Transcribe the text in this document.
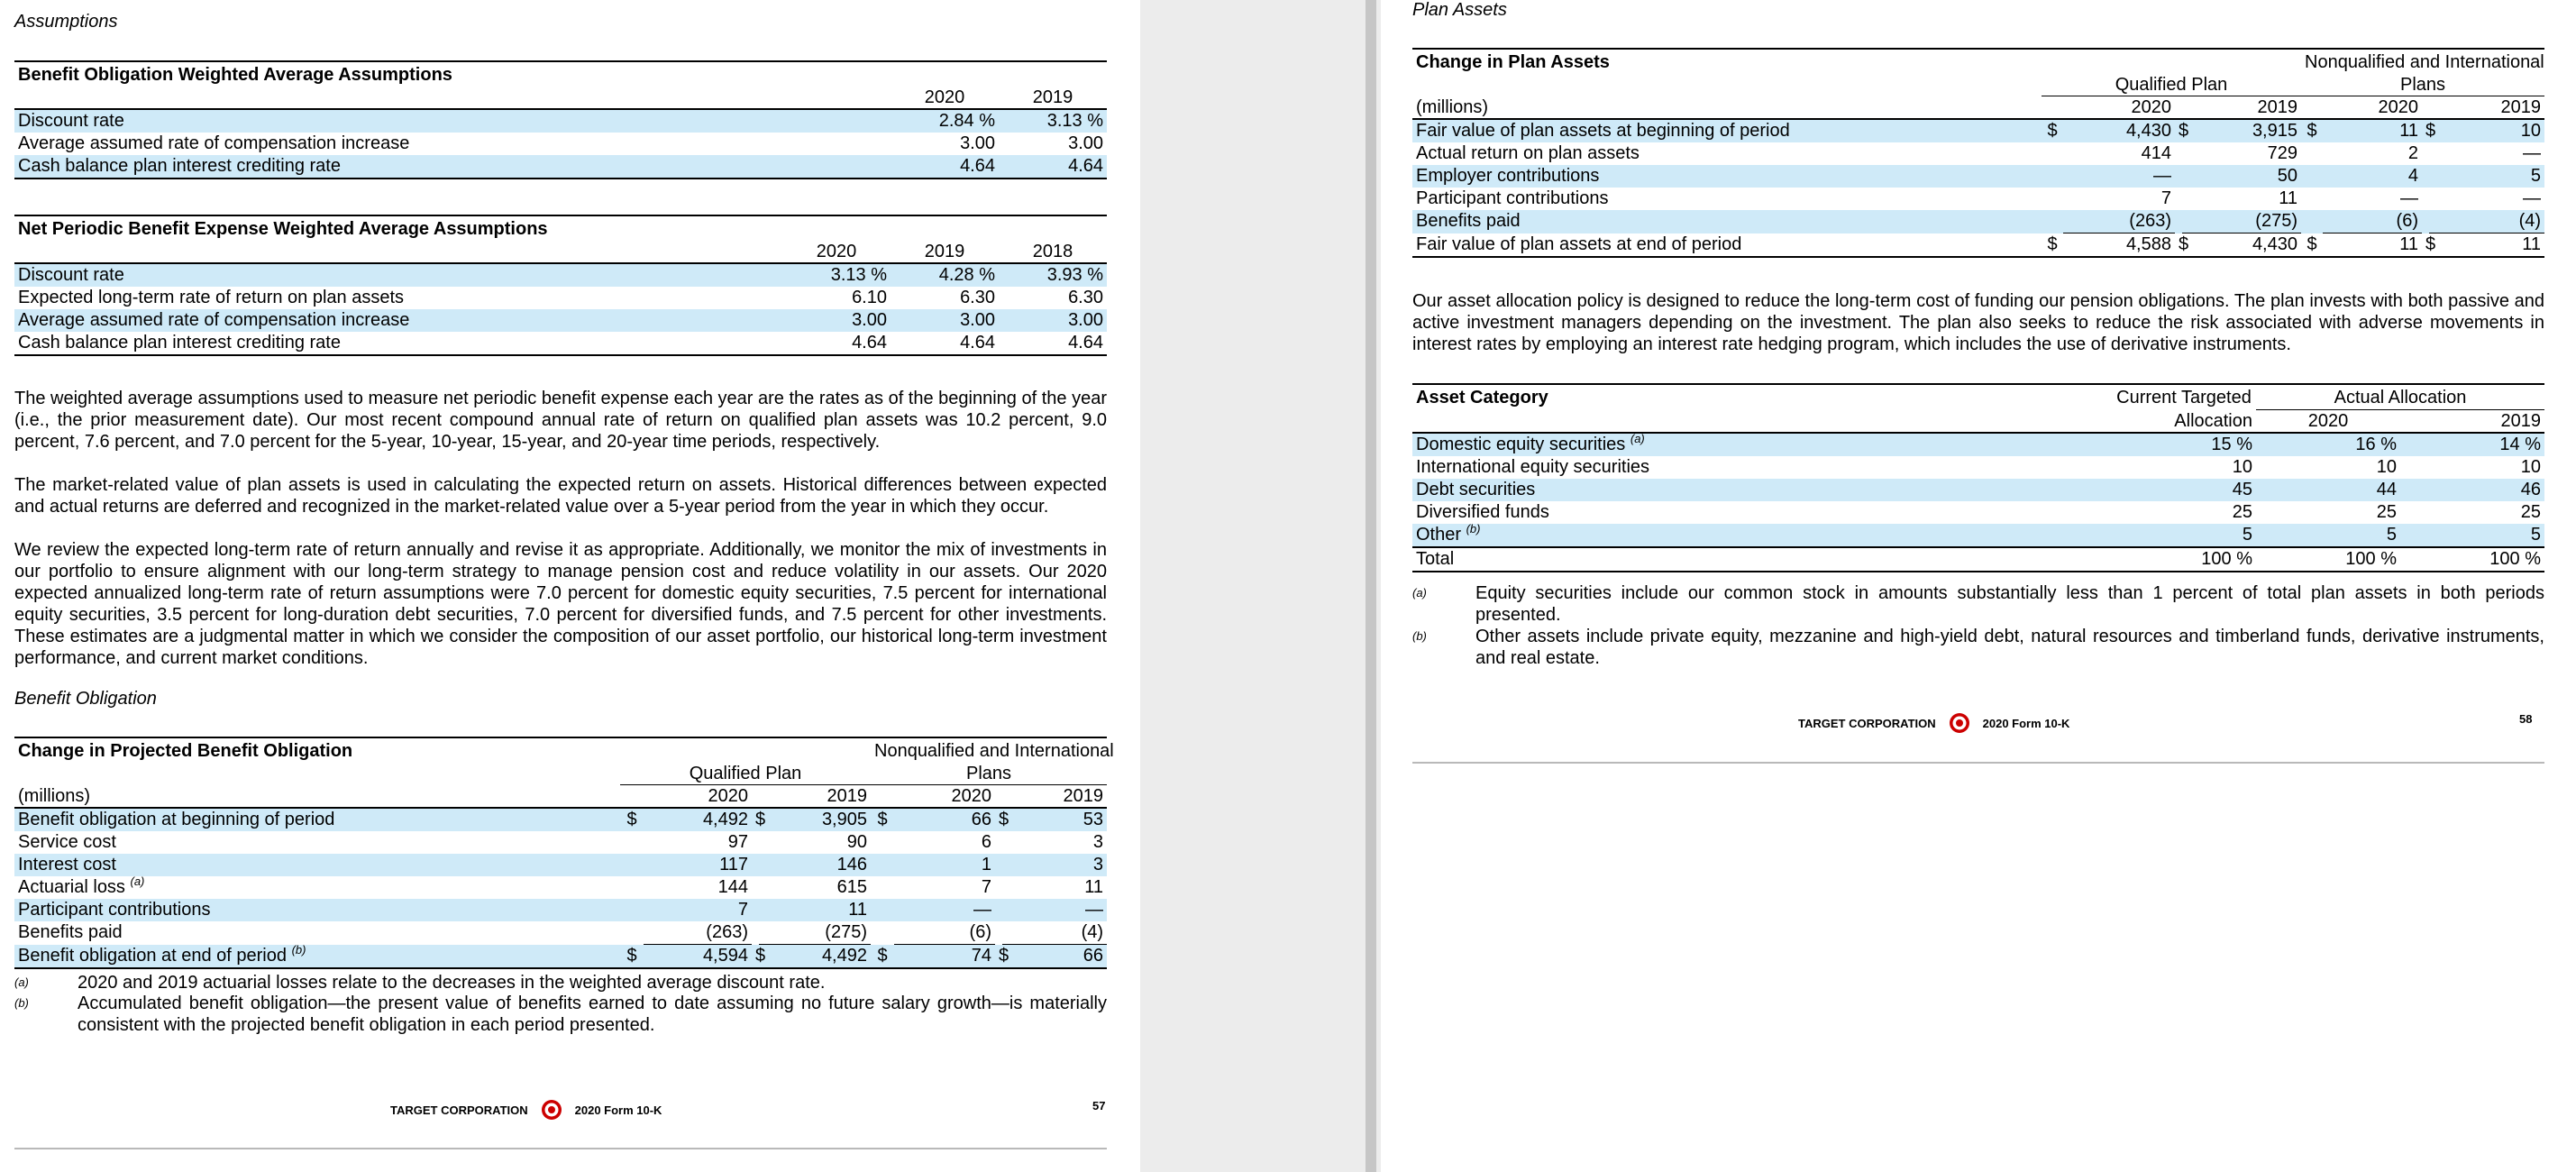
Assumptions
Benefit Obligation Weighted Average Assumptions		
	2020	2019
Discount rate	2.84 %	3.13 %
Average assumed rate of compensation increase	3.00	3.00
Cash balance plan interest crediting rate	4.64	4.64
Net Periodic Benefit Expense Weighted Average Assumptions			
	2020	2019	2018
Discount rate	3.13 %	4.28 %	3.93 %
Expected long-term rate of return on plan assets	6.10	6.30	6.30
Average assumed rate of compensation increase	3.00	3.00	3.00
Cash balance plan interest crediting rate	4.64	4.64	4.64
The weighted average assumptions used to measure net periodic benefit expense each year are the rates as of the beginning of the year (i.e., the prior measurement date). Our most recent compound annual rate of return on qualified plan assets was 10.2 percent, 9.0 percent, 7.6 percent, and 7.0 percent for the 5-year, 10-year, 15-year, and 20-year time periods, respectively.
The market-related value of plan assets is used in calculating the expected return on assets. Historical differences between expected and actual returns are deferred and recognized in the market-related value over a 5-year period from the year in which they occur.
We review the expected long-term rate of return annually and revise it as appropriate. Additionally, we monitor the mix of investments in our portfolio to ensure alignment with our long-term strategy to manage pension cost and reduce volatility in our assets. Our 2020 expected annualized long-term rate of return assumptions were 7.0 percent for domestic equity securities, 7.5 percent for international equity securities, 3.5 percent for long-duration debt securities, 7.0 percent for diversified funds, and 7.5 percent for other investments. These estimates are a judgmental matter in which we consider the composition of our asset portfolio, our historical long-term investment performance, and current market conditions.
Benefit Obligation
Change in Projected Benefit Obligation					Nonqualified and International			
	Qualified Plan				Plans			
(millions)		2020		2019		2020		2019
Benefit obligation at beginning of period	$	4,492	$	3,905	$	66	$	53
Service cost		97		90		6		3
Interest cost		117		146		1		3
Actuarial loss $^{(a)}$		144		615		7		11
Participant contributions		7		11		—		—
Benefits paid		(263)		(275)		(6)		(4)
Benefit obligation at end of period $^{(b)}$	$	4,594	$	4,492	$	74	$	66
(a)	2020 and 2019 actuarial losses relate to the decreases in the weighted average discount rate.
(b)	Accumulated benefit obligation—the present value of benefits earned to date assuming no future salary growth—is materially consistent with the projected benefit obligation in each period presented.
TARGET CORPORATION	2020 Form 10-K	57
Plan Assets
Change in Plan Assets					Nonqualified and International			
	Qualified Plan				Plans			
(millions)		2020		2019		2020		2019
Fair value of plan assets at beginning of period	$	4,430	$	3,915	$	11	$	10
Actual return on plan assets		414		729		2		—
Employer contributions		—		50		4		5
Participant contributions		7		11		—		—
Benefits paid		(263)		(275)		(6)		(4)
Fair value of plan assets at end of period	$	4,588	$	4,430	$	11	$	11
Our asset allocation policy is designed to reduce the long-term cost of funding our pension obligations. The plan invests with both passive and active investment managers depending on the investment. The plan also seeks to reduce the risk associated with adverse movements in interest rates by employing an interest rate hedging program, which includes the use of derivative instruments.
Asset Category	Current Targeted	Actual Allocation	
	Allocation	2020	2019
Domestic equity securities $^{(a)}$	15 %	16 %	14 %
International equity securities	10	10	10
Debt securities	45	44	46
Diversified funds	25	25	25
Other $^{(b)}$	5	5	5
Total	100 %	100 %	100 %
(a)	Equity securities include our common stock in amounts substantially less than 1 percent of total plan assets in both periods presented.
(b)	Other assets include private equity, mezzanine and high-yield debt, natural resources and timberland funds, derivative instruments, and real estate.
TARGET CORPORATION	2020 Form 10-K	58
